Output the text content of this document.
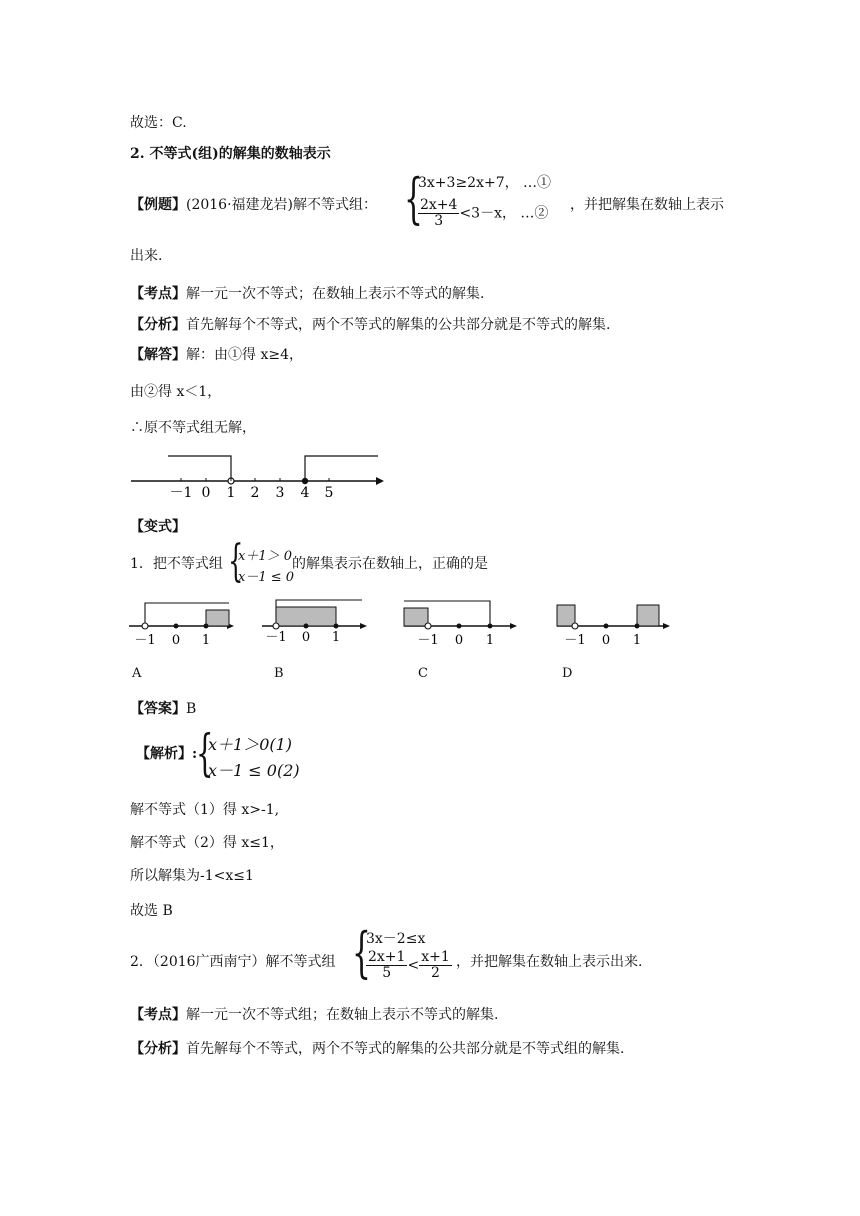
故选：C.
2. 不等式(组)的解集的数轴表示
【例题】(2016·福建龙岩)解不等式组： {
3x+3≥2x+7， …①
$\frac{2x+4}{3} <3-x$， …②
，并把解集在数轴上表示
出来.
【考点】解一元一次不等式；在数轴上表示不等式的解集.
【分析】首先解每个不等式，两个不等式的解集的公共部分就是不等式的解集.
【解答】解：由①得 x≥4，
由②得 x＜1，
∴原不等式组无解，
－1 0 1 2 3 4 5
【变式】
1．把不等式组 {
x＋1＞ 0
x－1 ≤ 0
的解集表示在数轴上，正确的是
－1 0 1	－1 0 1	－1 0 1	－1 0 1
A	B	C	D
【答案】B
【解析】:
{
x＋1＞0(1)
x－1 ≤ 0(2)
解不等式（1）得 x>-1,
解不等式（2）得 x≤1，
所以解集为-1<x≤1
故选 B
2．（2016广西南宁）解不等式组 {
3x－2≤x
$\frac{2x+1}{5} < \frac{x+1}{2}$ ，并把解集在数轴上表示出来.
【考点】解一元一次不等式组；在数轴上表示不等式的解集.
【分析】首先解每个不等式，两个不等式的解集的公共部分就是不等式组的解集.
